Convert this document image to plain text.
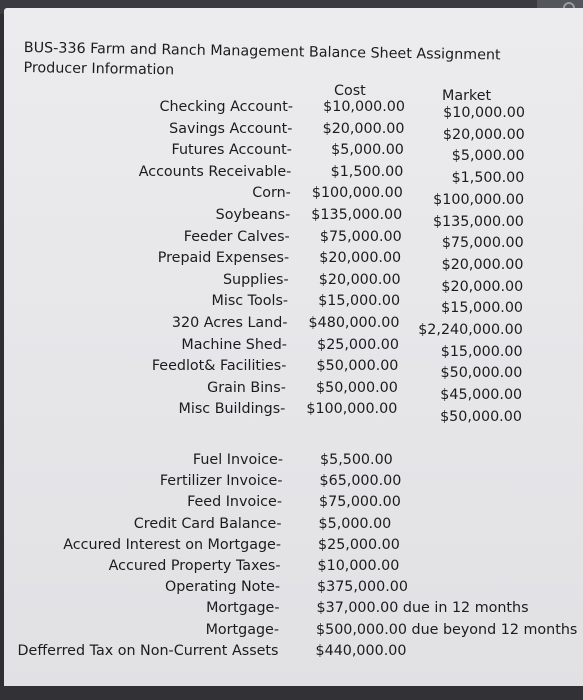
BUS-336 Farm and Ranch Management Balance Sheet Assignment
Producer Information
Cost	Market
Checking Account- $10,000.00	$10,000.00
Savings Account- $20,000.00	$20,000.00
Futures Account-	$5,000.00	$5,000.00
Accounts Receivable-	$1,500.00	$1,500.00
Corn- $100,000.00 $100,000.00
Soybeans- $135,000.00 $135,000.00
Feeder Calves- $75,000.00	$75,000.00
Prepaid Expenses- $20,000.00	$20,000.00
Supplies- $20,000.00	$20,000.00
Misc Tools- $15,000.00	$15,000.00
320 Acres Land- $480,000.00 $2,240,000.00
Machine Shed- $25,000.00	$15,000.00
Feedlot& Facilities- $50,000.00	$50,000.00
Grain Bins- $50,000.00	$45,000.00
Misc Buildings- $100,000.00	$50,000.00
Fuel Invoice-	$5,500.00
Fertilizer Invoice-	$65,000.00
Feed Invoice-	$75,000.00
Credit Card Balance-	$5,000.00
Accured Interest on Mortgage-	$25,000.00
Accured Property Taxes-	$10,000.00
Operating Note-	$375,000.00
Mortgage-	$37,000.00 due in 12 months
Mortgage-	$500,000.00 due beyond 12 months
Defferred Tax on Non-Current Assets	$440,000.00
